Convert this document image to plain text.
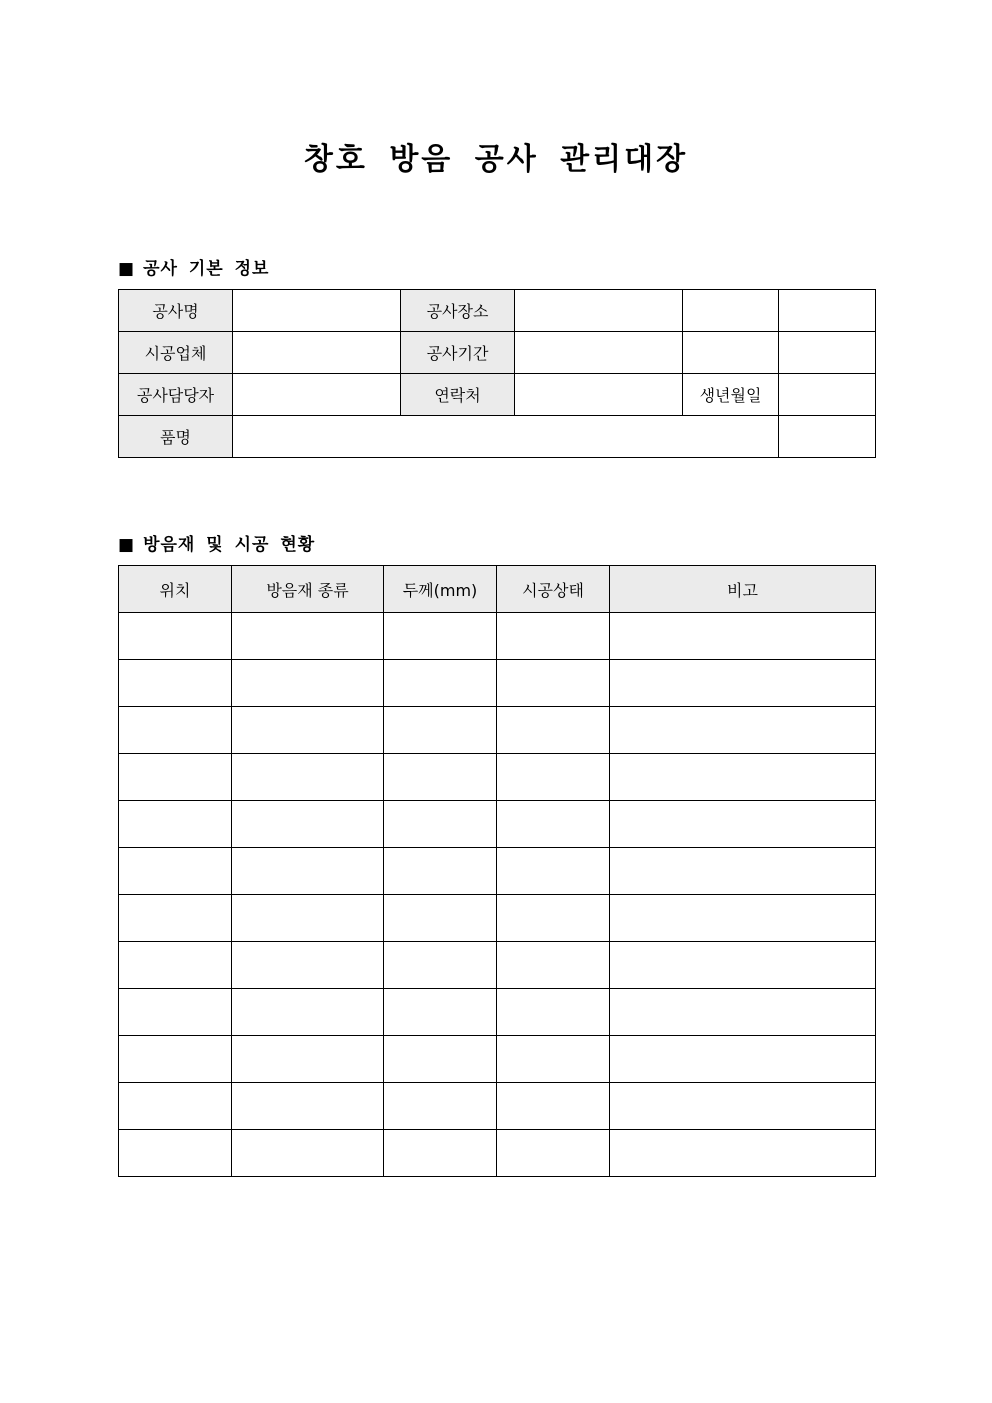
창호 방음 공사 관리대장
■ 공사 기본 정보
공사명		공사장소			
시공업체		공사기간			
공사담당자		연락처		생년월일	
품명					
■ 방음재 및 시공 현황
위치	방음재 종류	두께(mm)	시공상태	비고
